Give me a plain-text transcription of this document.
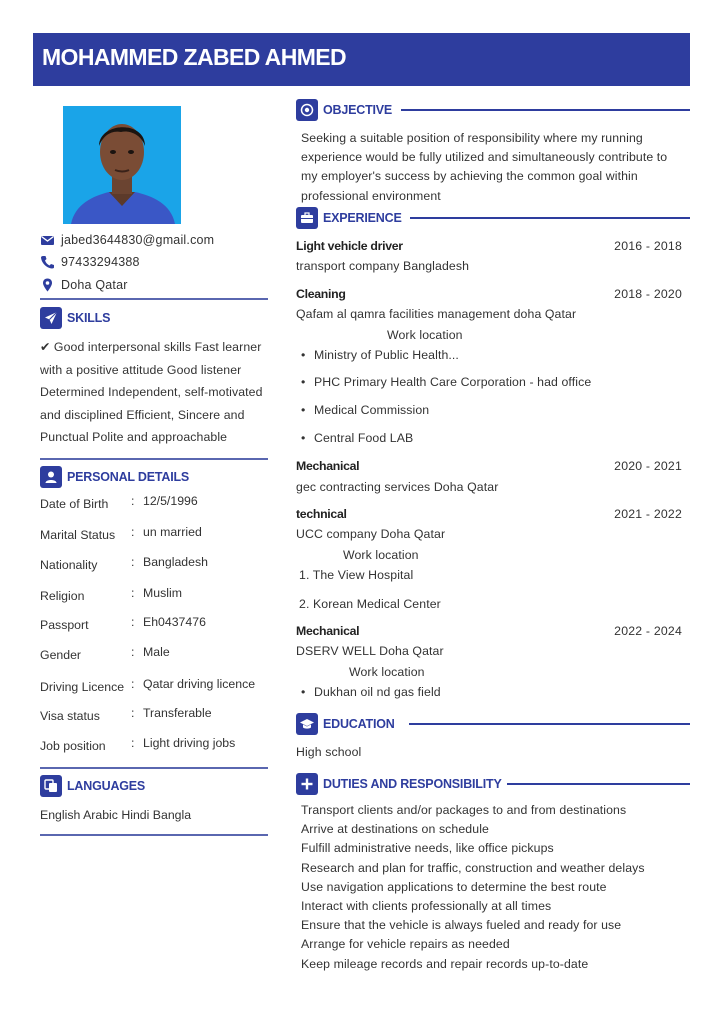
MOHAMMED ZABED AHMED
jabed3644830@gmail.com
97433294388
Doha Qatar
SKILLS
✔ Good interpersonal skills Fast learner with a positive attitude Good listener Determined Independent, self-motivated and disciplined Efficient, Sincere and Punctual Polite and approachable
PERSONAL DETAILS
Date of Birth : 12/5/1996
Marital Status : un married
Nationality	: Bangladesh
Religion	: Muslim
Passport	: Eh0437476
Gender	: Male
Driving Licence : Qatar driving licence
Visa status	: Transferable
Job position : Light driving jobs
LANGUAGES
English Arabic Hindi Bangla
OBJECTIVE
Seeking a suitable position of responsibility where my running
experience would be fully utilized and simultaneously contribute to
my employer's success by achieving the common goal within
professional environment
EXPERIENCE
Light vehicle driver	2016 - 2018
transport company Bangladesh
Cleaning	2018 - 2020
Qafam al qamra facilities management doha Qatar
Work location
• Ministry of Public Health...
• PHC Primary Health Care Corporation - had office
• Medical Commission
• Central Food LAB
Mechanical	2020 - 2021
gec contracting services Doha Qatar
technical	2021 - 2022
UCC company Doha Qatar
Work location
1. The View Hospital
2. Korean Medical Center
Mechanical	2022 - 2024
DSERV WELL Doha Qatar
Work location
• Dukhan oil nd gas field
EDUCATION
High school
DUTIES AND RESPONSIBILITY
Transport clients and/or packages to and from destinations
Arrive at destinations on schedule
Fulfill administrative needs, like office pickups
Research and plan for traffic, construction and weather delays
Use navigation applications to determine the best route
Interact with clients professionally at all times
Ensure that the vehicle is always fueled and ready for use
Arrange for vehicle repairs as needed
Keep mileage records and repair records up-to-date
